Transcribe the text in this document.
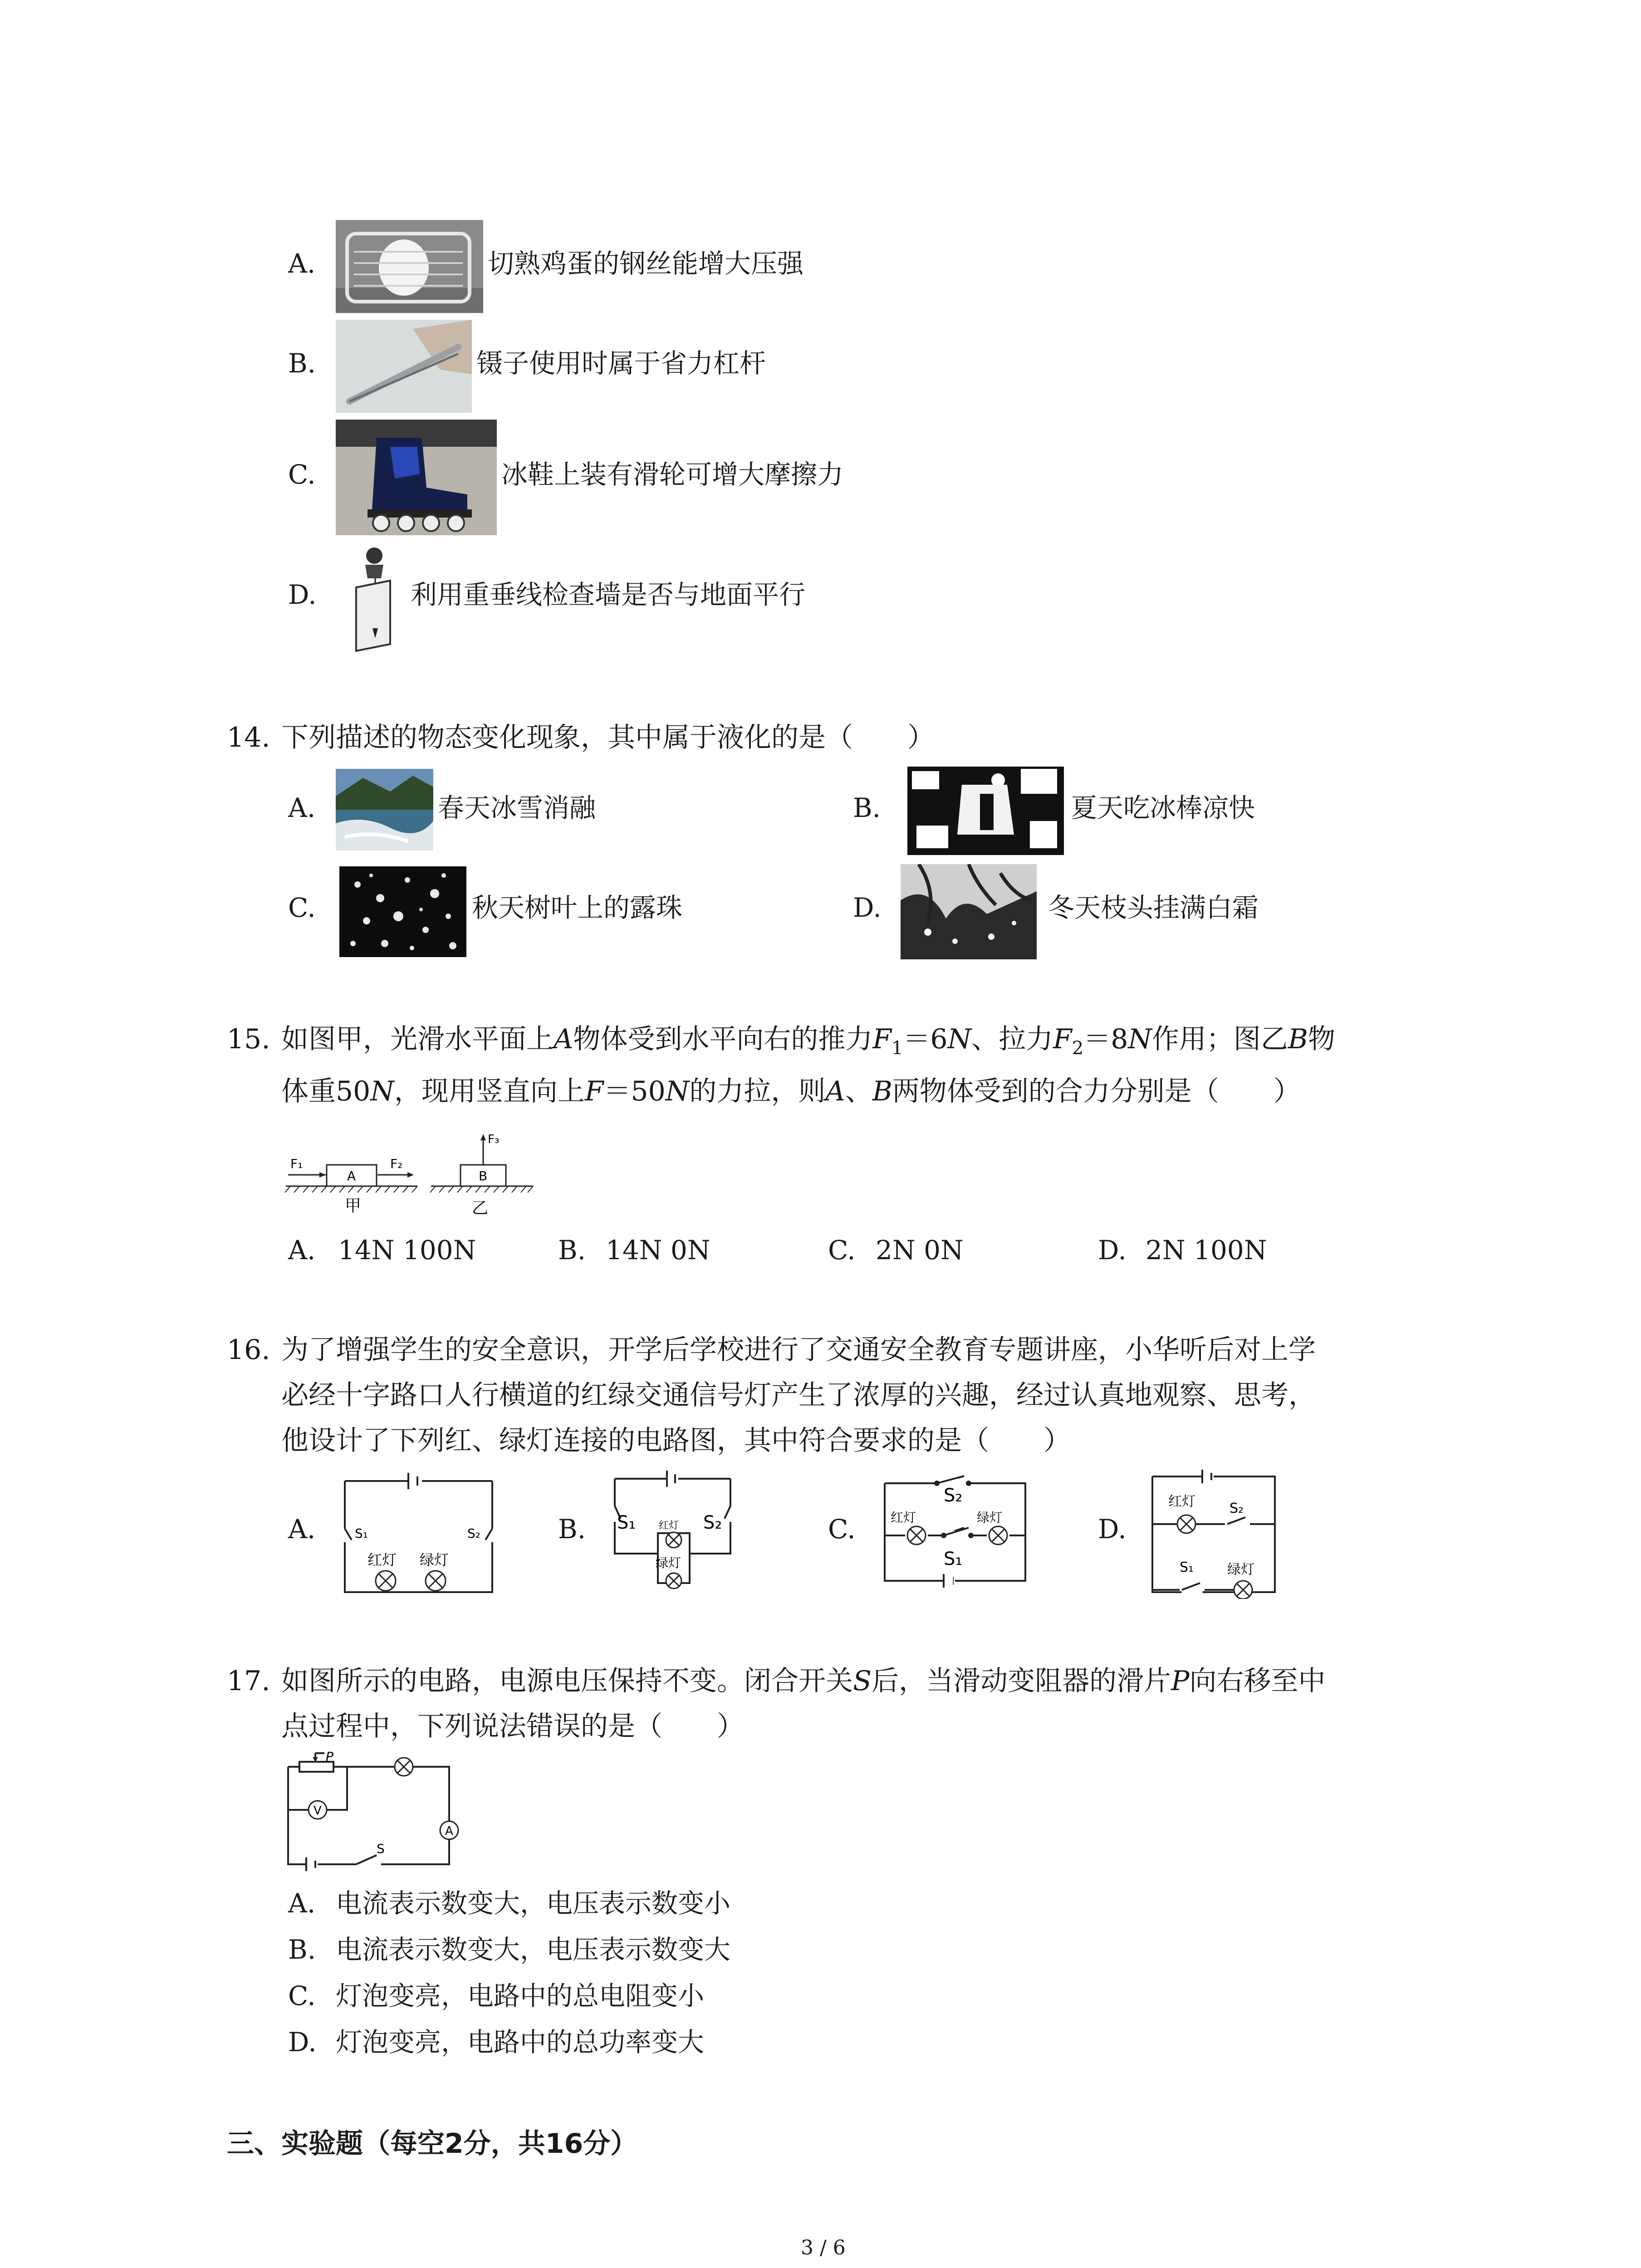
A.	切熟鸡蛋的钢丝能增大压强
B.	镊子使用时属于省力杠杆
C.	冰鞋上装有滑轮可增大摩擦力
D.	利用重垂线检查墙是否与地面平行
14. 下列描述的物态变化现象，其中属于液化的是（　　）
A.	春天冰雪消融	B.	夏天吃冰棒凉快
C.	秋天树叶上的露珠	D.	冬天枝头挂满白霜
15. 如图甲，光滑水平面上A物体受到水平向右的推力$F_1=6N$、拉力$F_2=8N$作用；图乙B物
体重50N，现用竖直向上F＝50N的力拉，则A、B两物体受到的合力分别是（　　）
F₁	F₂
F₃
A	B
甲	乙
A. 14N 100N	B. 14N 0N	C. 2N 0N	D. 2N 100N
16. 为了增强学生的安全意识，开学后学校进行了交通安全教育专题讲座，小华听后对上学
必经十字路口人行横道的红绿交通信号灯产生了浓厚的兴趣，经过认真地观察、思考，
他设计了下列红、绿灯连接的电路图，其中符合要求的是（　　）
A.	S₁	S₂
红灯 绿灯
B. S₁	S₂
红灯
绿灯
C.
S₂
S₁
红灯	绿灯	D.
红灯	S₂
S₁ 绿灯
17. 如图所示的电路，电源电压保持不变。闭合开关S后，当滑动变阻器的滑片P向右移至中
点过程中，下列说法错误的是（　　）
P
V
A
S
A. 电流表示数变大，电压表示数变小
B. 电流表示数变大，电压表示数变大
C. 灯泡变亮，电路中的总电阻变小
D. 灯泡变亮，电路中的总功率变大
三、实验题（每空2分，共16分）
3 / 6
